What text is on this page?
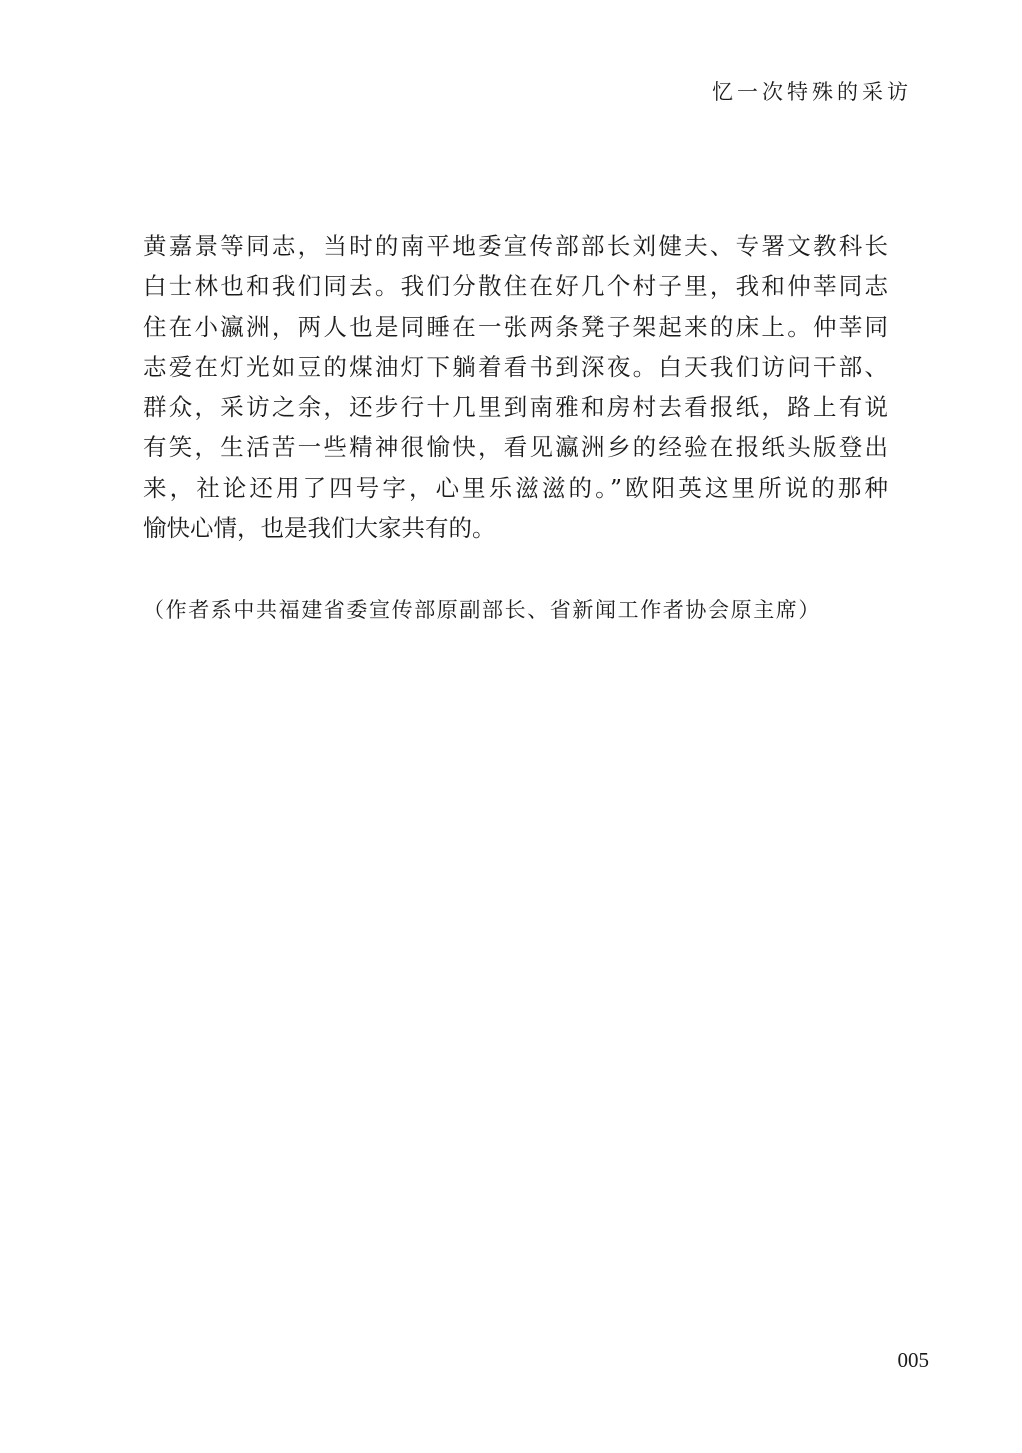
忆一次特殊的采访
黄嘉景等同志，当时的南平地委宣传部部长刘健夫、专署文教科长
白士林也和我们同去。我们分散住在好几个村子里，我和仲莘同志
住在小瀛洲，两人也是同睡在一张两条凳子架起来的床上。仲莘同
志爱在灯光如豆的煤油灯下躺着看书到深夜。白天我们访问干部、
群众，采访之余，还步行十几里到南雅和房村去看报纸，路上有说
有笑，生活苦一些精神很愉快，看见瀛洲乡的经验在报纸头版登出
来，社论还用了四号字，心里乐滋滋的。”欧阳英这里所说的那种
愉快心情，也是我们大家共有的。
（作者系中共福建省委宣传部原副部长、省新闻工作者协会原主席）
005
